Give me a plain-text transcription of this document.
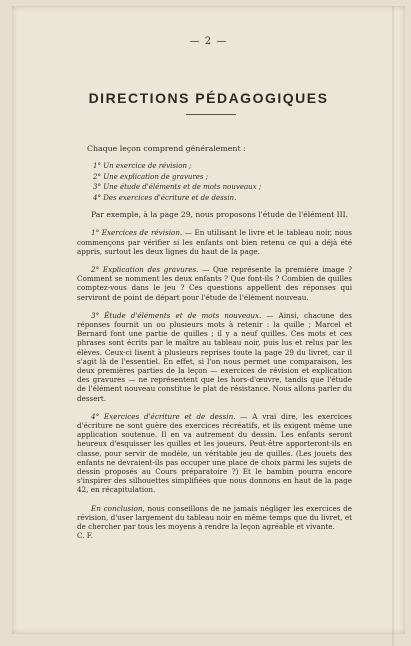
— 2 —
DIRECTIONS PÉDAGOGIQUES

Chaque leçon comprend généralement :

1° Un exercice de révision ;
2° Une explication de gravures ;
3° Une étude d'éléments et de mots nouveaux ;
4° Des exercices d'écriture et de dessin.

Par exemple, à la page 29, nous proposons l'étude de l'élément III.

1° Exercices de révision. — En utilisant le livre et le tableau noir, nous commençons par vérifier si les enfants ont bien retenu ce qui a déjà été appris, surtout les deux lignes du haut de la page.

2° Explication des gravures. — Que représente la première image ? Comment se nomment les deux enfants ? Que font-ils ? Combien de quilles comptez-vous dans le jeu ? Ces questions appellent des réponses qui serviront de point de départ pour l'étude de l'élément nouveau.

3° Étude d'éléments et de mots nouveaux. — Ainsi, chacune des réponses fournit un ou plusieurs mots à retenir : la quille ; Marcel et Bernard font une partie de quilles ; il y a neuf quilles. Ces mots et ces phrases sont écrits par le maître au tableau noir, puis lus et relus par les élèves. Ceux-ci lisent à plusieurs reprises toute la page 29 du livret, car il s'agit là de l'essentiel. En effet, si l'on nous permet une comparaison, les deux premières parties de la leçon — exercices de révision et explication des gravures — ne représentent que les hors-d'œuvre, tandis que l'étude de l'élément nouveau constitue le plat de résistance. Nous allons parler du dessert.

4° Exercices d'écriture et de dessin. — A vrai dire, les exercices d'écriture ne sont guère des exercices récréatifs, et ils exigent même une application soutenue. Il en va autrement du dessin. Les enfants seront heureux d'esquisser les quilles et les joueurs. Peut-être apporteront-ils en classe, pour servir de modèle, un véritable jeu de quilles. (Les jouets des enfants ne devraient-ils pas occuper une place de choix parmi les sujets de dessin proposés au Cours préparatoire ?) Et le bambin pourra encore s'inspirer des silhouettes simplifiées que nous donnons en haut de la page 42, en récapitulation.

En conclusion, nous conseillons de ne jamais négliger les exercices de révision, d'user largement du tableau noir en même temps que du livret, et de chercher par tous les moyens à rendre la leçon agréable et vivante.

C. F.
